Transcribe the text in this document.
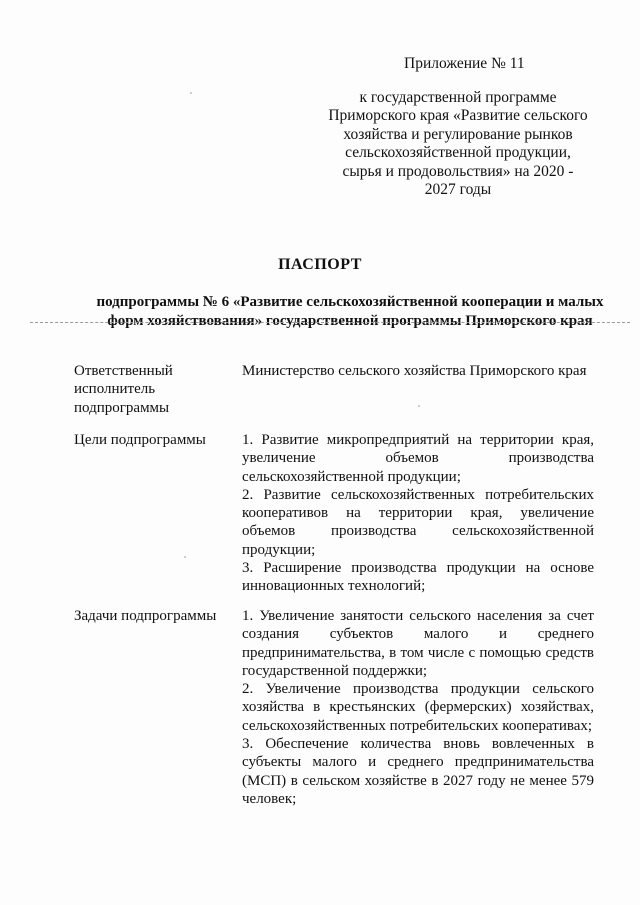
Приложение № 11
к государственной программе
Приморского края «Развитие сельского
хозяйства и регулирование рынков
сельскохозяйственной продукции,
сырья и продовольствия» на 2020 -
2027 годы
ПАСПОРТ
подпрограммы № 6 «Развитие сельскохозяйственной кооперации и малых
форм хозяйствования» государственной программы Приморского края
Ответственный
исполнитель
подпрограммы
Министерство сельского хозяйства Приморского края
Цели подпрограммы	1. Развитие микропредприятий на территории края, увеличение объемов производства сельскохозяйственной продукции;
2. Развитие сельскохозяйственных потребительских кооперативов на территории края, увеличение объемов производства сельскохозяйственной продукции;
3. Расширение производства продукции на основе инновационных технологий;
Задачи подпрограммы	1. Увеличение занятости сельского населения за счет создания субъектов малого и среднего предпринимательства, в том числе с помощью средств государственной поддержки;
2. Увеличение производства продукции сельского хозяйства в крестьянских (фермерских) хозяйствах, сельскохозяйственных потребительских кооперативах;
3. Обеспечение количества вновь вовлеченных в субъекты малого и среднего предпринимательства (МСП) в сельском хозяйстве в 2027 году не менее 579 человек;
